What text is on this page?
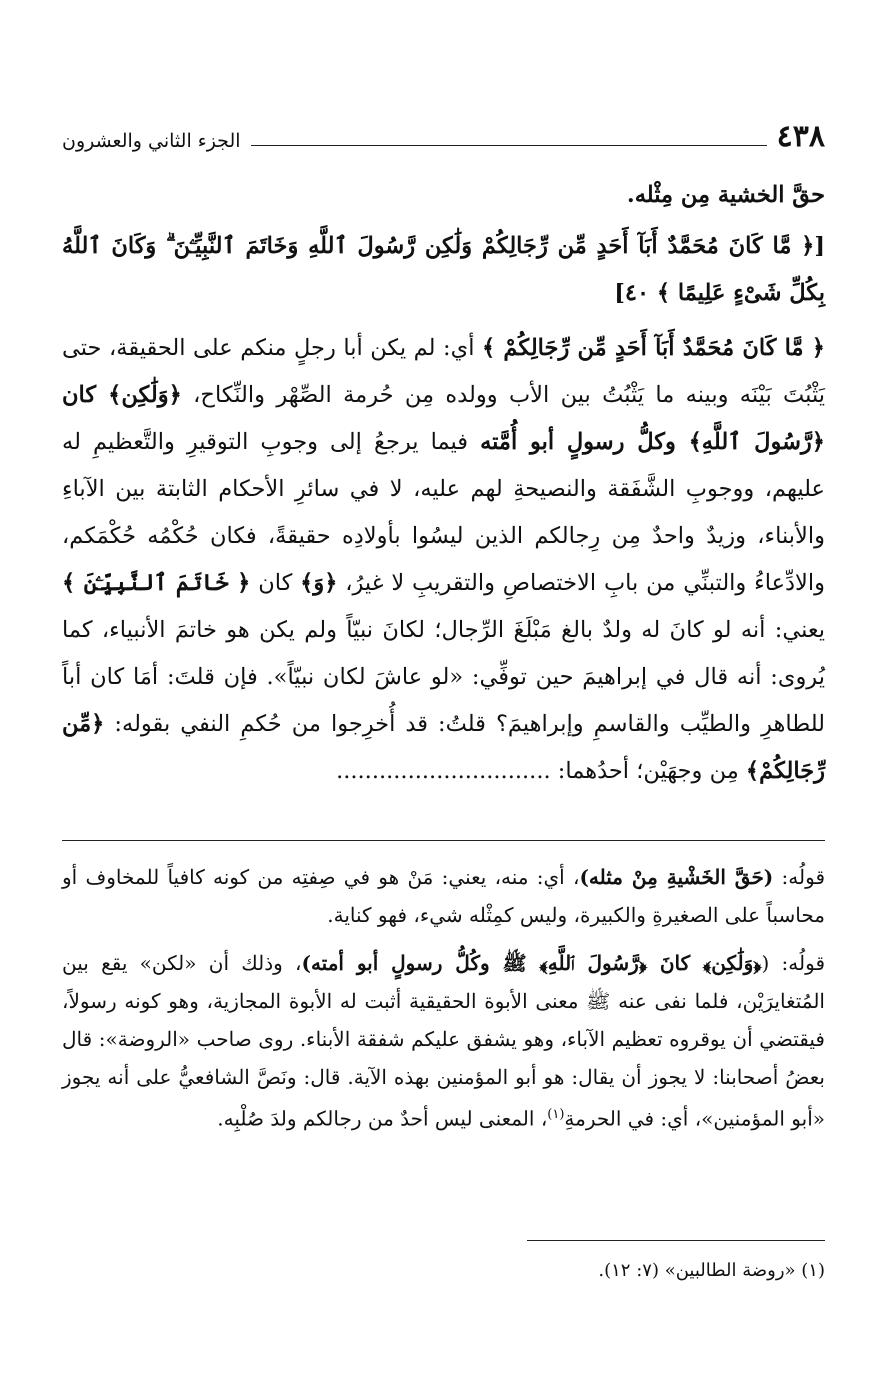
٤٣٨
الجزء الثاني والعشرون

حقَّ الخشية مِن مِثْله.

[﴿ مَّا كَانَ مُحَمَّدٌ أَبَآ أَحَدٍ مِّن رِّجَالِكُمْ وَلَٰكِن رَّسُولَ ٱللَّهِ وَخَاتَمَ ٱلنَّبِيِّـۧنَ ۗ وَكَانَ ٱللَّهُ بِكُلِّ شَىْءٍ عَلِيمًا ﴾ ٤٠]

﴿ مَّا كَانَ مُحَمَّدٌ أَبَآ أَحَدٍ مِّن رِّجَالِكُمْ ﴾ أي: لم يكن أبا رجلٍ منكم على الحقيقة، حتى يَثْبُتَ بَيْنَه وبينه ما يَثْبُتُ بين الأب وولده مِن حُرمة الصِّهْر والنِّكاح، ﴿وَلَٰكِن﴾ كان ﴿رَّسُولَ ٱللَّهِ﴾ وكلُّ رسولٍ أبو أُمَّته فيما يرجعُ إلى وجوبِ التوقيرِ والتَّعظيمِ له عليهم، ووجوبِ الشَّفَقة والنصيحةِ لهم عليه، لا في سائرِ الأحكام الثابتة بين الآباءِ والأبناء، وزيدٌ واحدٌ مِن رِجالكم الذين ليسُوا بأولادِه حقيقةً، فكان حُكْمُه حُكْمَكم، والادِّعاءُ والتبنِّي من بابِ الاختصاصِ والتقريبِ لا غيرُ، ﴿وَ﴾ كان ﴿ خَاتَمَ ٱلنَّبِيِّـۧنَ ﴾ يعني: أنه لو كانَ له ولدٌ بالغ مَبْلَغَ الرِّجال؛ لكانَ نبيّاً ولم يكن هو خاتمَ الأنبياء، كما يُروى: أنه قال في إبراهيمَ حين توفِّي: «لو عاشَ لكان نبيّاً». فإن قلتَ: أمَا كان أباً للطاهرِ والطيِّب والقاسمِ وإبراهيمَ؟ قلتُ: قد أُخرِجوا من حُكمِ النفي بقوله: ﴿مِّن رِّجَالِكُمْ﴾ مِن وجهَيْن؛ أحدُهما: ..............................

قولُه: (حَقَّ الخَشْيةِ مِنْ مثله)، أي: منه، يعني: مَنْ هو في صِفتِه من كونه كافياً للمخاوف أو محاسباً على الصغيرةِ والكبيرة، وليس كمِثْله شيء، فهو كناية.

قولُه: (﴿وَلَٰكِن﴾ كانَ ﴿رَّسُولَ ٱللَّهِ﴾ ﷺ وكُلُّ رسولٍ أبو أمته)، وذلك أن «لكن» يقع بين المُتغايرَيْن، فلما نفى عنه ﷺ معنى الأبوة الحقيقية أثبت له الأبوة المجازية، وهو كونه رسولاً، فيقتضي أن يوقروه تعظيم الآباء، وهو يشفق عليكم شفقة الأبناء. روى صاحب «الروضة»: قال بعضُ أصحابنا: لا يجوز أن يقال: هو أبو المؤمنين بهذه الآية. قال: ونَصَّ الشافعيُّ على أنه يجوز «أبو المؤمنين»، أي: في الحرمةِ$^{(١)}$، المعنى ليس أحدٌ من رجالكم ولدَ صُلْبِه.

(١) «روضة الطالبين» (٧: ١٢).
